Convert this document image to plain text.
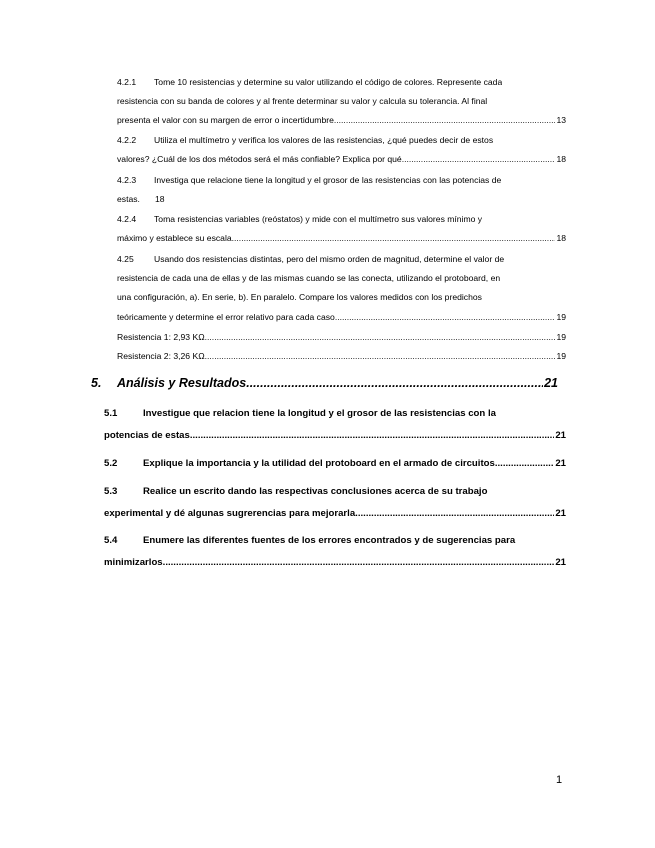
4.2.1	Tome 10 resistencias y determine su valor utilizando el código de colores. Represente cada
resistencia con su banda de colores y al frente determinar su valor y calcula su tolerancia. Al final
presenta el valor con su margen de error o incertidumbre .....	13
4.2.2	Utiliza el multímetro y verifica los valores de las resistencias, ¿qué puedes decir de estos
valores? ¿Cuál de los dos métodos será el más confiable? Explica por qué. .....	18
4.2.3	Investiga que relacione tiene la longitud y el grosor de las resistencias con las potencias de
estas.	18
4.2.4	Toma resistencias variables (reóstatos) y mide con el multímetro sus valores mínimo y
máximo y establece su escala. .....	18
4.25	Usando dos resistencias distintas, pero del mismo orden de magnitud, determine el valor de
resistencia de cada una de ellas y de las mismas cuando se las conecta, utilizando el protoboard, en
una configuración, a). En serie, b). En paralelo. Compare los valores medidos con los predichos
teóricamente y determine el error relativo para cada caso. .....	19
Resistencia 1: 2,93 KΩ .....	19
Resistencia 2: 3,26 KΩ .....	19
5.	Análisis y Resultados .....	21
5.1	Investigue que relacion tiene la longitud y el grosor de las resistencias con la
potencias de estas. .....	21
5.2	Explique la importancia y la utilidad del protoboard en el armado de circuitos. .....	21
5.3	Realice un escrito dando las respectivas conclusiones acerca de su trabajo
experimental y dé algunas sugrerencias para mejorarla. .....	21
5.4	Enumere las diferentes fuentes de los errores encontrados y de sugerencias para
minimizarlos. .....	21
1
